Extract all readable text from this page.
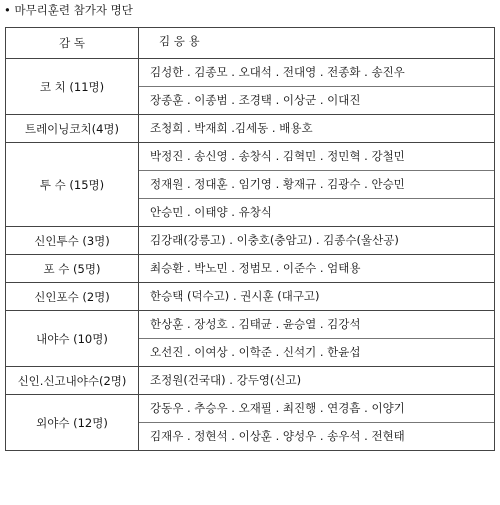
• 마무리훈련 참가자 명단
감 독	김 응 용
코 치 (11명)	김성한 . 김종모 . 오대석 . 전대영 . 전종화 . 송진우
장종훈 . 이종범 . 조경택 . 이상군 . 이대진

트레이닝코치(4명)	조청희 . 박재희 .김세동 . 배용호

투 수 (15명)	박정진 . 송신영 . 송창식 . 김혁민 . 정민혁 . 강철민
정재원 . 정대훈 . 임기영 . 황재규 . 김광수 . 안승민
안승민 . 이태양 . 유창식

신인투수 (3명)	김강래(강릉고) . 이충호(충암고) . 김종수(울산공)

포 수 (5명)	최승환 . 박노민 . 정범모 . 이준수 . 엄태용

신인포수 (2명)	한승택 (덕수고) . 권시훈 (대구고)

내야수 (10명)	한상훈 . 장성호 . 김태균 . 윤승열 . 김강석
오선진 . 이여상 . 이학준 . 신석기 . 한윤섭

신인.신고내야수(2명)	조정원(건국대) . 강두영(신고)

외야수 (12명)	강동우 . 추승우 . 오재필 . 최진행 . 연경흠 . 이양기
김재우 . 정현석 . 이상훈 . 양성우 . 송우석 . 전현태
